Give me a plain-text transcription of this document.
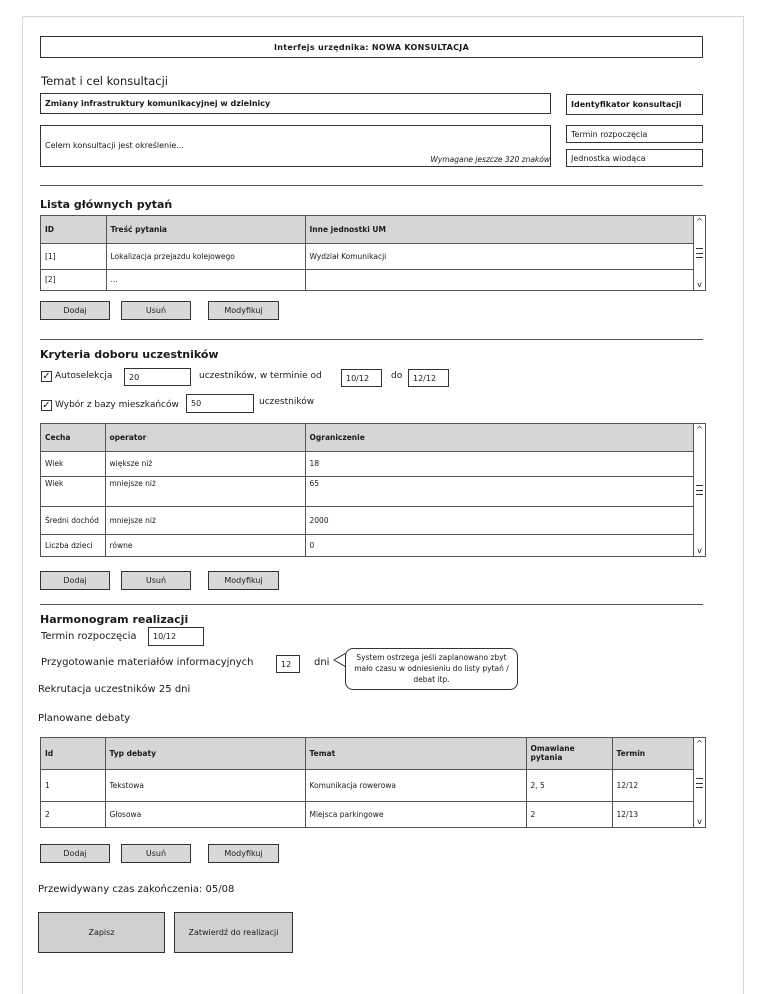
Interfejs urzędnika: NOWA KONSULTACJA
Temat i cel konsultacji
Zmiany infrastruktury komunikacyjnej w dzielnicy	Identyfikator konsultacji
Celem konsultacji jest określenie...
Wymagane jeszcze 320 znaków
Termin rozpoczęcia
Jednostka wiodąca
Lista głównych pytań
ID	Treść pytania	Inne jednostki UM
[1]	Lokalizacja przejazdu kolejowego	Wydział Komunikacji
[2]	...	
^
v
Dodaj	Usuń	Modyfikuj
Kryteria doboru uczestników
✓ Autoselekcja	20	uczestników, w terminie od	10/12	do	12/12
✓ Wybór z bazy mieszkańców	50	uczestników
Cecha	operator	Ograniczenie
Wiek	większe niż	18
Wiek	mniejsze niż	65
Średni dochód	mniejsze niż	2000
Liczba dzieci	równe	0
^
v
Dodaj	Usuń	Modyfikuj
Harmonogram realizacji
Termin rozpoczęcia	10/12
Przygotowanie materiałów informacyjnych	12	dni	System ostrzega jeśli zaplanowano zbyt mało czasu w odniesieniu do listy pytań / debat itp.
Rekrutacja uczestników 25 dni
Planowane debaty
Id	Typ debaty	Temat	Omawiane pytania	Termin
1	Tekstowa	Komunikacja rowerowa	2, 5	12/12
2	Głosowa	Miejsca parkingowe	2	12/13
^
v
Dodaj	Usuń	Modyfikuj
Przewidywany czas zakończenia: 05/08
Zapisz	Zatwierdź do realizacji
